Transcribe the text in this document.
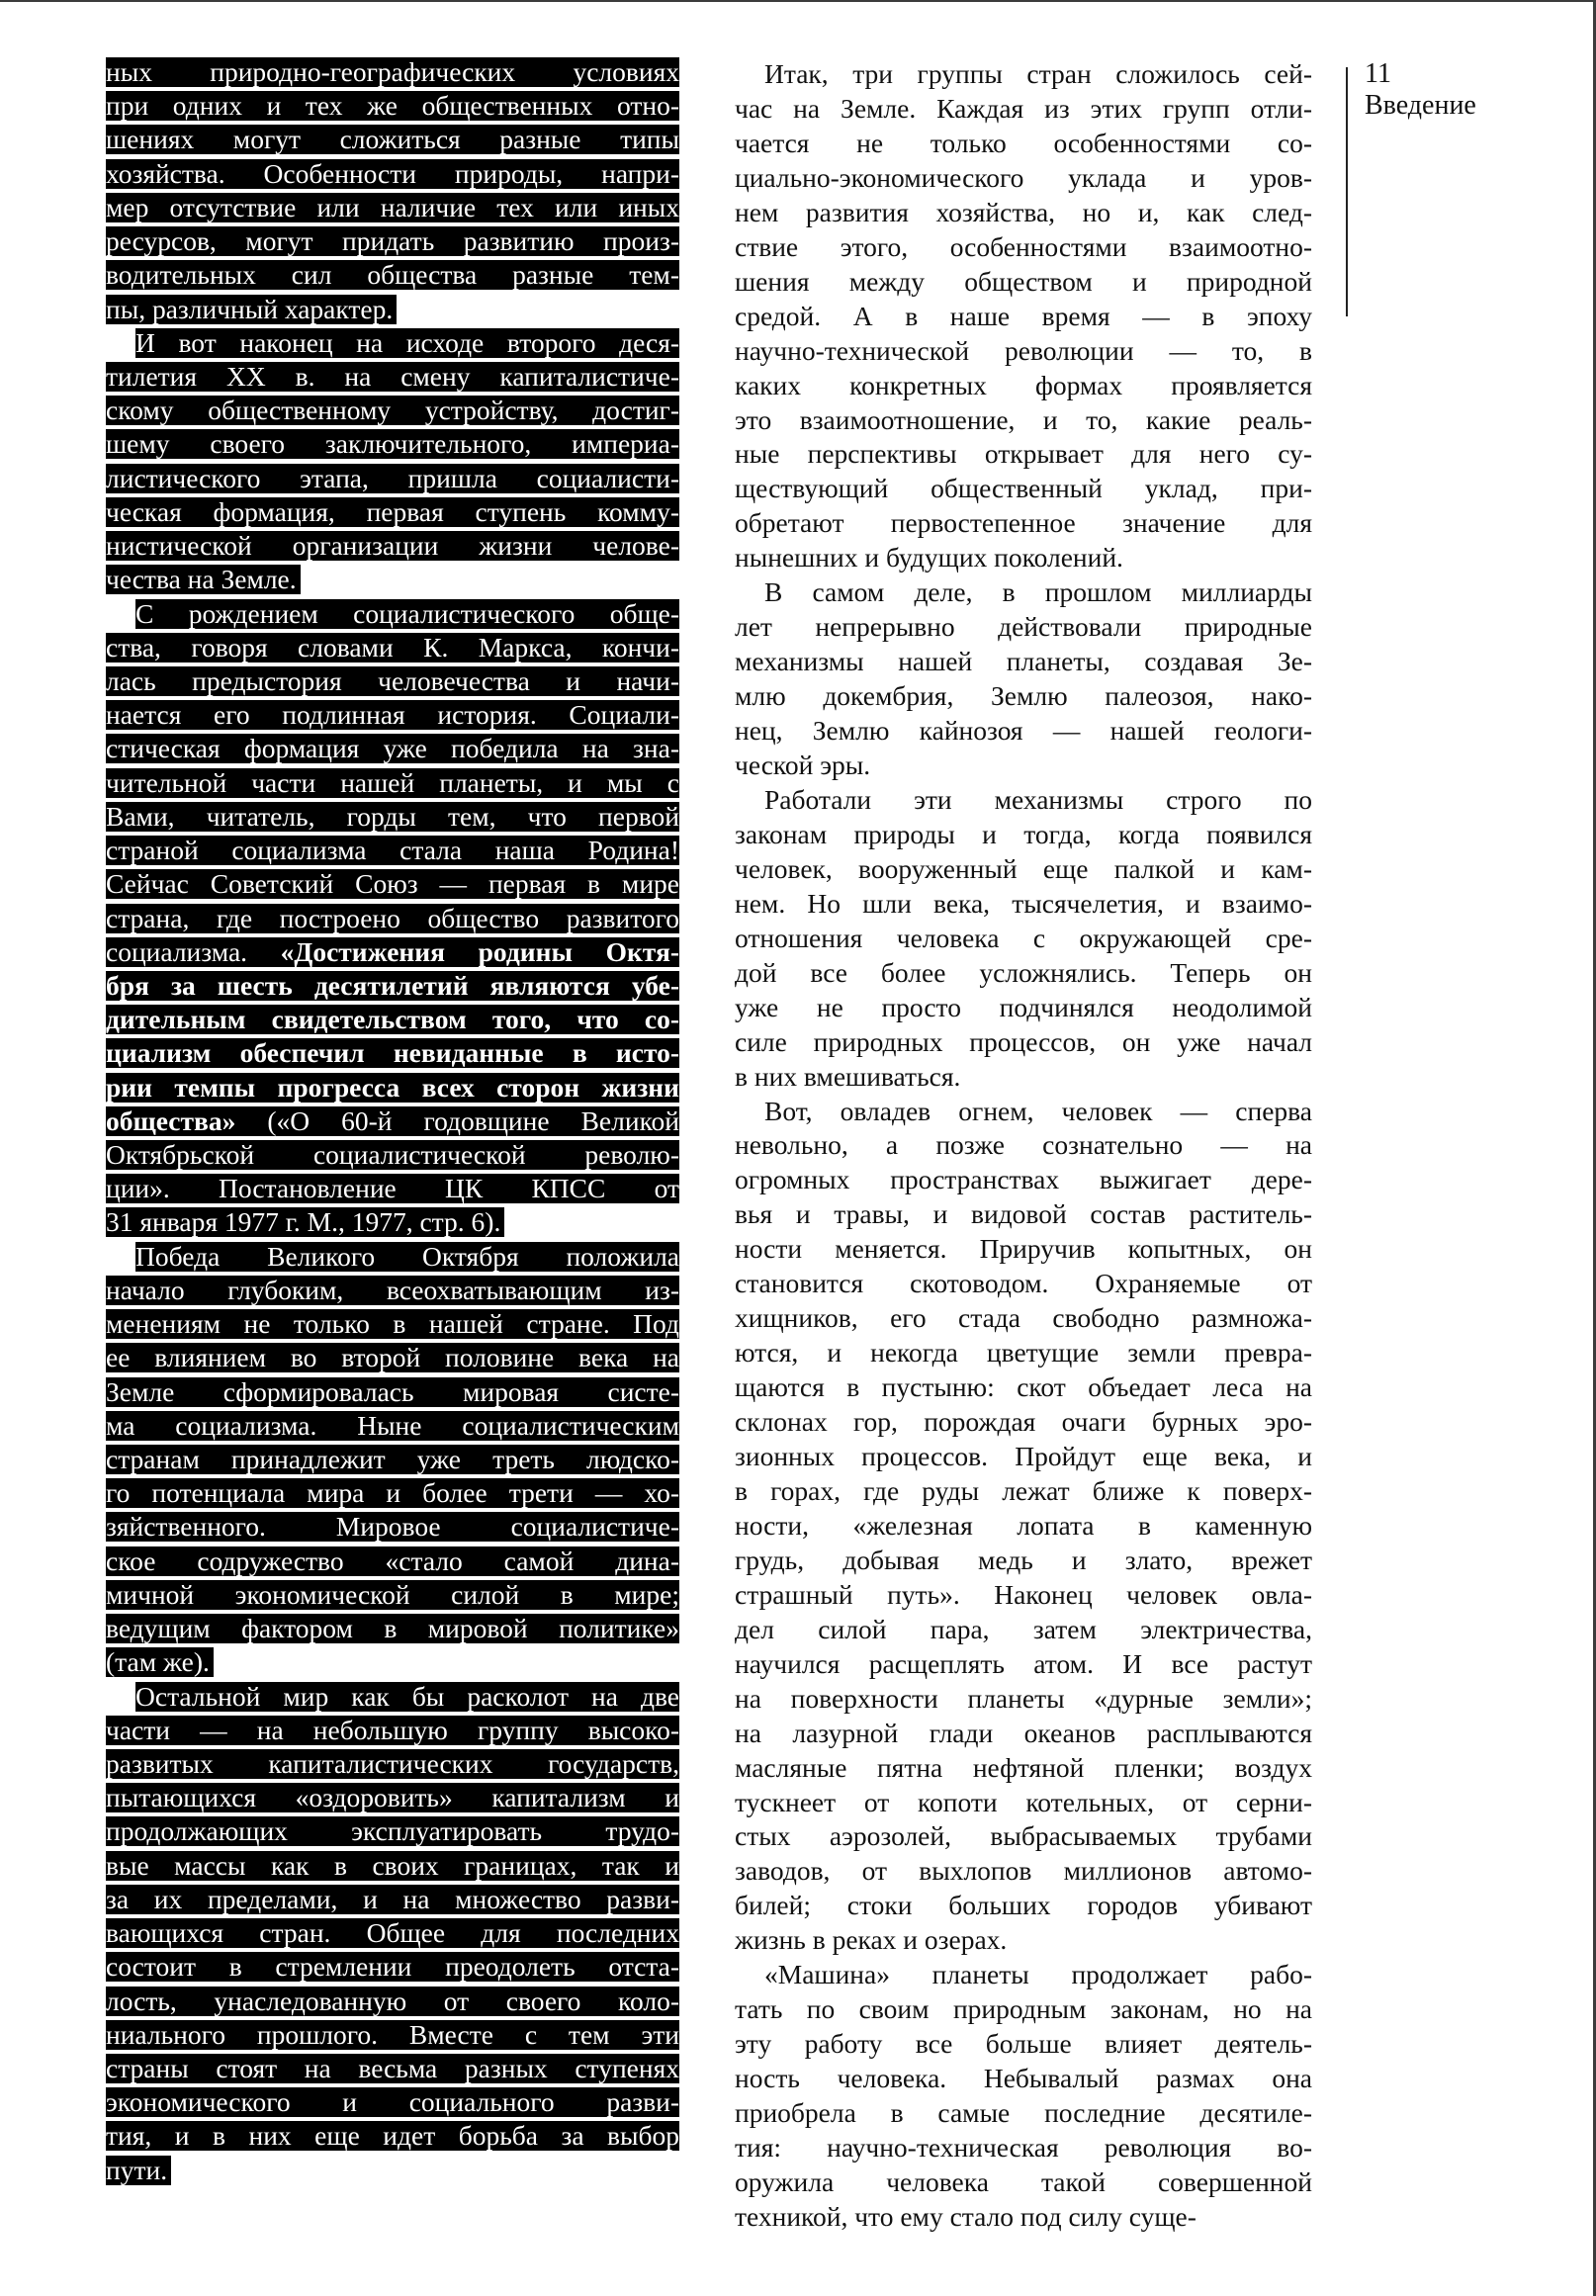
ных природно-географических условиях
при одних и тех же общественных отно-
шениях могут сложиться разные типы
хозяйства. Особенности природы, напри-
мер отсутствие или наличие тех или иных
ресурсов, могут придать развитию произ-
водительных сил общества разные тем-
пы, различный характер.
И вот наконец на исходе второго деся-
тилетия XX в. на смену капиталистиче-
скому общественному устройству, достиг-
шему своего заключительного, империа-
листического этапа, пришла социалисти-
ческая формация, первая ступень комму-
нистической организации жизни челове-
чества на Земле.
С рождением социалистического обще-
ства, говоря словами К. Маркса, кончи-
лась предыстория человечества и начи-
нается его подлинная история. Социали-
стическая формация уже победила на зна-
чительной части нашей планеты, и мы с
Вами, читатель, горды тем, что первой
страной социализма стала наша Родина!
Сейчас Советский Союз — первая в мире
страна, где построено общество развитого
социализма. «Достижения родины Октя-
бря за шесть десятилетий являются убе-
дительным свидетельством того, что со-
циализм обеспечил невиданные в исто-
рии темпы прогресса всех сторон жизни
общества» («О 60-й годовщине Великой
Октябрьской социалистической револю-
ции». Постановление ЦК КПСС от
31 января 1977 г. М., 1977, стр. 6).
Победа Великого Октября положила
начало глубоким, всеохватывающим из-
менениям не только в нашей стране. Под
ее влиянием во второй половине века на
Земле сформировалась мировая систе-
ма социализма. Ныне социалистическим
странам принадлежит уже треть людско-
го потенциала мира и более трети — хо-
зяйственного. Мировое социалистиче-
ское содружество «стало самой дина-
мичной экономической силой в мире;
ведущим фактором в мировой политике»
(там же).
Остальной мир как бы расколот на две
части — на небольшую группу высоко-
развитых капиталистических государств,
пытающихся «оздоровить» капитализм и
продолжающих эксплуатировать трудо-
вые массы как в своих границах, так и
за их пределами, и на множество разви-
вающихся стран. Общее для последних
состоит в стремлении преодолеть отста-
лость, унаследованную от своего коло-
ниального прошлого. Вместе с тем эти
страны стоят на весьма разных ступенях
экономического и социального разви-
тия, и в них еще идет борьба за выбор
пути.
Итак, три группы стран сложилось сей-
час на Земле. Каждая из этих групп отли-
чается не только особенностями со-
циально-экономического уклада и уров-
нем развития хозяйства, но и, как след-
ствие этого, особенностями взаимоотно-
шения между обществом и природной
средой. А в наше время — в эпоху
научно-технической революции — то, в
каких конкретных формах проявляется
это взаимоотношение, и то, какие реаль-
ные перспективы открывает для него су-
ществующий общественный уклад, при-
обретают первостепенное значение для
нынешних и будущих поколений.
В самом деле, в прошлом миллиарды
лет непрерывно действовали природные
механизмы нашей планеты, создавая Зе-
млю докембрия, Землю палеозоя, нако-
нец, Землю кайнозоя — нашей геологи-
ческой эры.
Работали эти механизмы строго по
законам природы и тогда, когда появился
человек, вооруженный еще палкой и кам-
нем. Но шли века, тысячелетия, и взаимо-
отношения человека с окружающей сре-
дой все более усложнялись. Теперь он
уже не просто подчинялся неодолимой
силе природных процессов, он уже начал
в них вмешиваться.
Вот, овладев огнем, человек — сперва
невольно, а позже сознательно — на
огромных пространствах выжигает дере-
вья и травы, и видовой состав раститель-
ности меняется. Приручив копытных, он
становится скотоводом. Охраняемые от
хищников, его стада свободно размножа-
ются, и некогда цветущие земли превра-
щаются в пустыню: скот объедает леса на
склонах гор, порождая очаги бурных эро-
зионных процессов. Пройдут еще века, и
в горах, где руды лежат ближе к поверх-
ности, «железная лопата в каменную
грудь, добывая медь и злато, врежет
страшный путь». Наконец человек овла-
дел силой пара, затем электричества,
научился расщеплять атом. И все растут
на поверхности планеты «дурные земли»;
на лазурной глади океанов расплываются
масляные пятна нефтяной пленки; воздух
тускнеет от копоти котельных, от серни-
стых аэрозолей, выбрасываемых трубами
заводов, от выхлопов миллионов автомо-
билей; стоки больших городов убивают
жизнь в реках и озерах.
«Машина» планеты продолжает рабо-
тать по своим природным законам, но на
эту работу все больше влияет деятель-
ность человека. Небывалый размах она
приобрела в самые последние десятиле-
тия: научно-техническая революция во-
оружила человека такой совершенной
техникой, что ему стало под силу суще-
11
Введение
